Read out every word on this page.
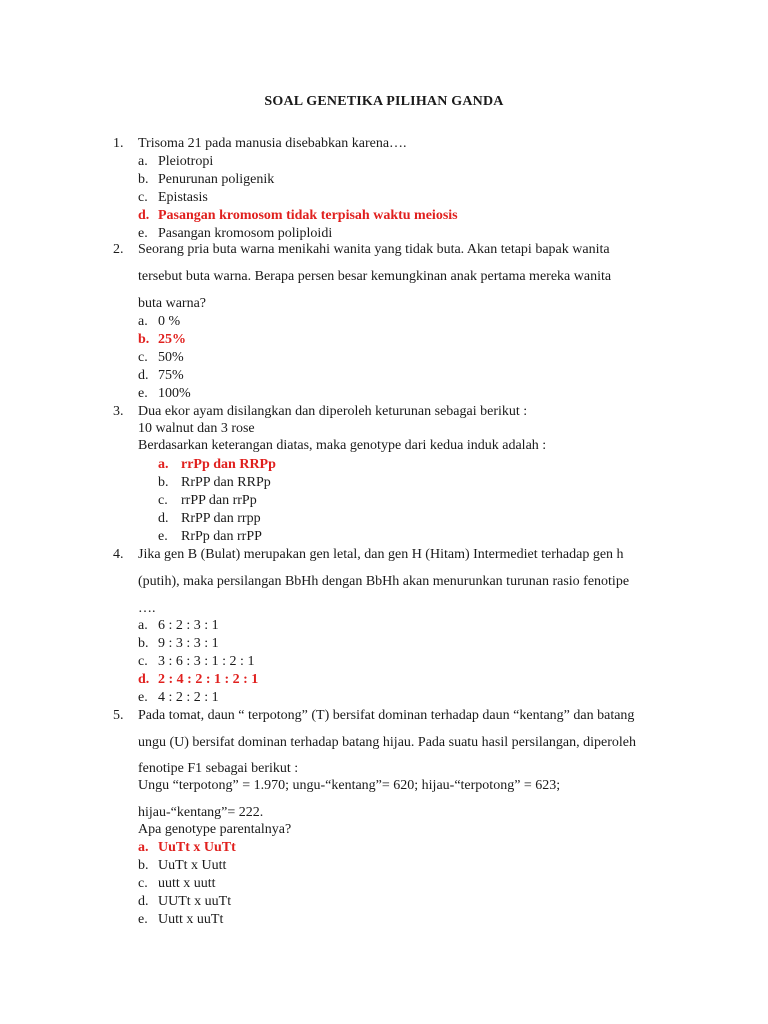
SOAL GENETIKA PILIHAN GANDA
1. Trisoma 21 pada manusia disebabkan karena….
a. Pleiotropi
b. Penurunan poligenik
c. Epistasis
d. Pasangan kromosom tidak terpisah waktu meiosis
e. Pasangan kromosom poliploidi
2. Seorang pria buta warna menikahi wanita yang tidak buta. Akan tetapi bapak wanita
tersebut buta warna. Berapa persen besar kemungkinan anak pertama mereka wanita
buta warna?
a. 0 %
b. 25%
c. 50%
d. 75%
e. 100%
3. Dua ekor ayam disilangkan dan diperoleh keturunan sebagai berikut :
10 walnut dan 3 rose
Berdasarkan keterangan diatas, maka genotype dari kedua induk adalah :
a. rrPp dan RRPp
b. RrPP dan RRPp
c. rrPP dan rrPp
d. RrPP dan rrpp
e. RrPp dan rrPP
4. Jika gen B (Bulat) merupakan gen letal, dan gen H (Hitam) Intermediet terhadap gen h
(putih), maka persilangan BbHh dengan BbHh akan menurunkan turunan rasio fenotipe
….
a. 6 : 2 : 3 : 1
b. 9 : 3 : 3 : 1
c. 3 : 6 : 3 : 1 : 2 : 1
d. 2 : 4 : 2 : 1 : 2 : 1
e. 4 : 2 : 2 : 1
5. Pada tomat, daun “ terpotong” (T) bersifat dominan terhadap daun “kentang” dan batang
ungu (U) bersifat dominan terhadap batang hijau. Pada suatu hasil persilangan, diperoleh
fenotipe F1 sebagai berikut :
Ungu “terpotong” = 1.970; ungu-“kentang”= 620; hijau-“terpotong” = 623;
hijau-“kentang”= 222.
Apa genotype parentalnya?
a. UuTt x UuTt
b. UuTt x Uutt
c. uutt x uutt
d. UUTt x uuTt
e. Uutt x uuTt
